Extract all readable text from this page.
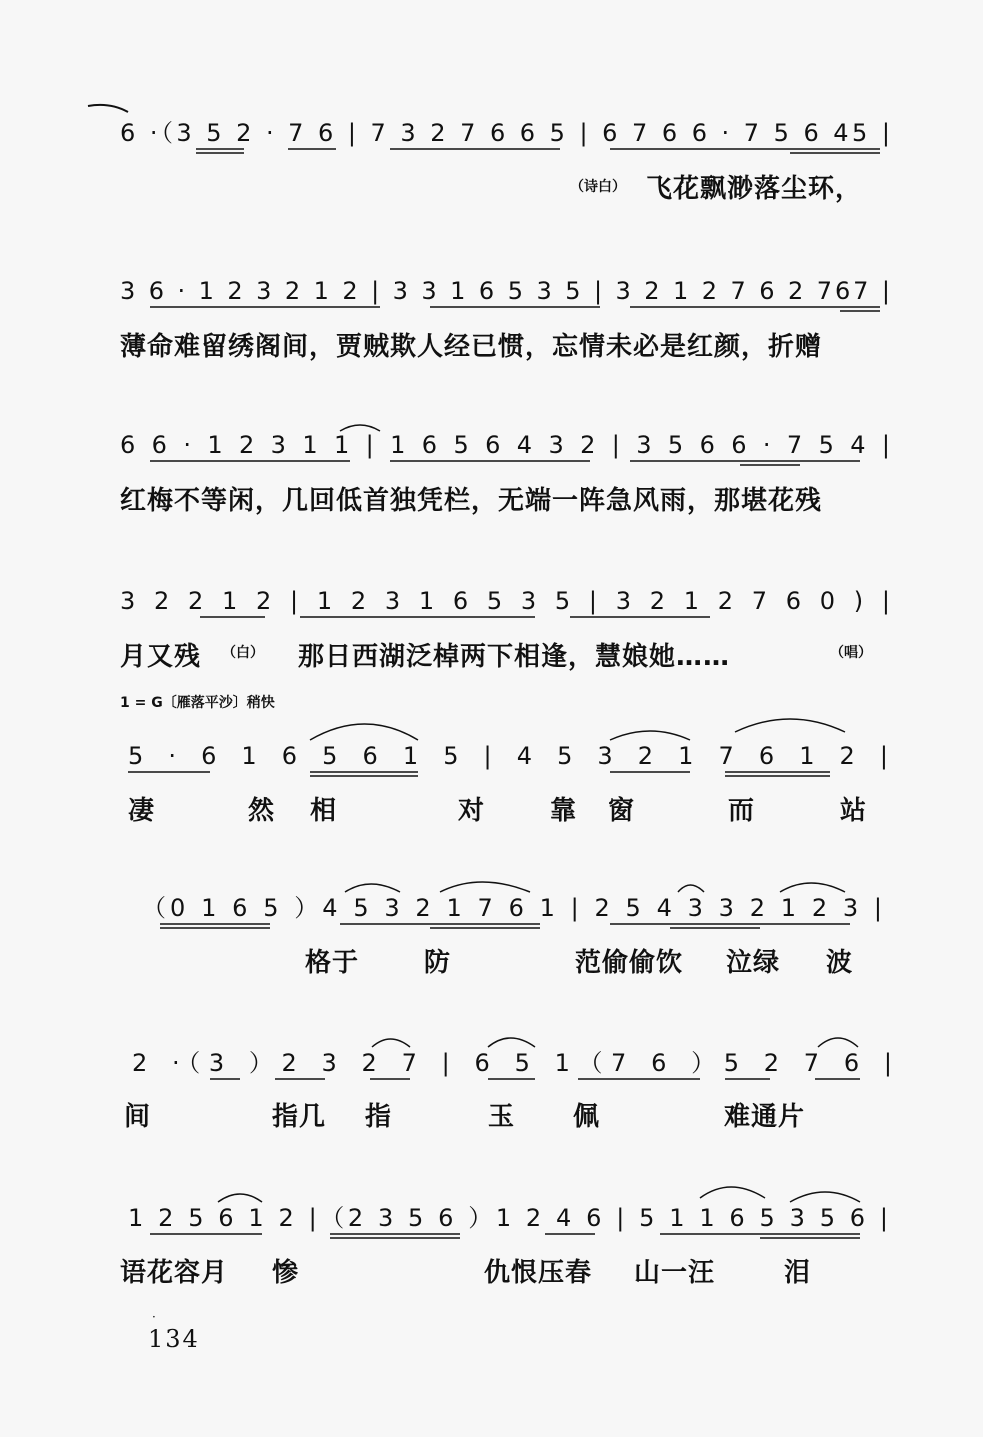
6 ·（3 5 2 · 7 6 | 7 3 2 7 6 6 5 | 6 7 6 6 · 7 5 6 45 |
（诗白） 飞花飘渺落尘环，
3 6 · 1 2 3 2 1 2 | 3 3 1 6 5 3 5 | 3 2 1 2 7 6 2 767 |
薄命难留绣阁间，贾贼欺人经已惯，忘情未必是红颜，折赠
6 6 · 1 2 3 1 1 | 1 6 5 6 4 3 2 | 3 5 6 6 · 7 5 4 |
红梅不等闲，几回低首独凭栏，无端一阵急风雨，那堪花残
3 2 2 1 2 | 1 2 3 1 6 5 3 5 | 3 2 1 2 7 6 0 ) |
月又残 （白） 那日西湖泛棹两下相逢，慧娘她……	（唱）
1 = G〔雁落平沙〕稍快
5 · 6 1 6 5 6 1 5 | 4 5 3 2 1 7 6 1 2 |
凄	然 相	对 靠 窗	而	站
（0 1 6 5 ）4 5 3 2 1 7 6 1 | 2 5 4 3 3 2 1 2 3 |
格于 防	范偷偷饮 泣绿 波
2 ·（3 ）2 3 2 7 | 6 5 1（7 6 ）5 2 7 6 |
间	指几 指	玉 佩	难通片
1 2 5 6 1 2 |（2 3 5 6 ）1 2 4 6 | 5 1 1 6 5 3 5 6 |
语花容月 惨	仇恨压春 山一汪	泪
·
134
